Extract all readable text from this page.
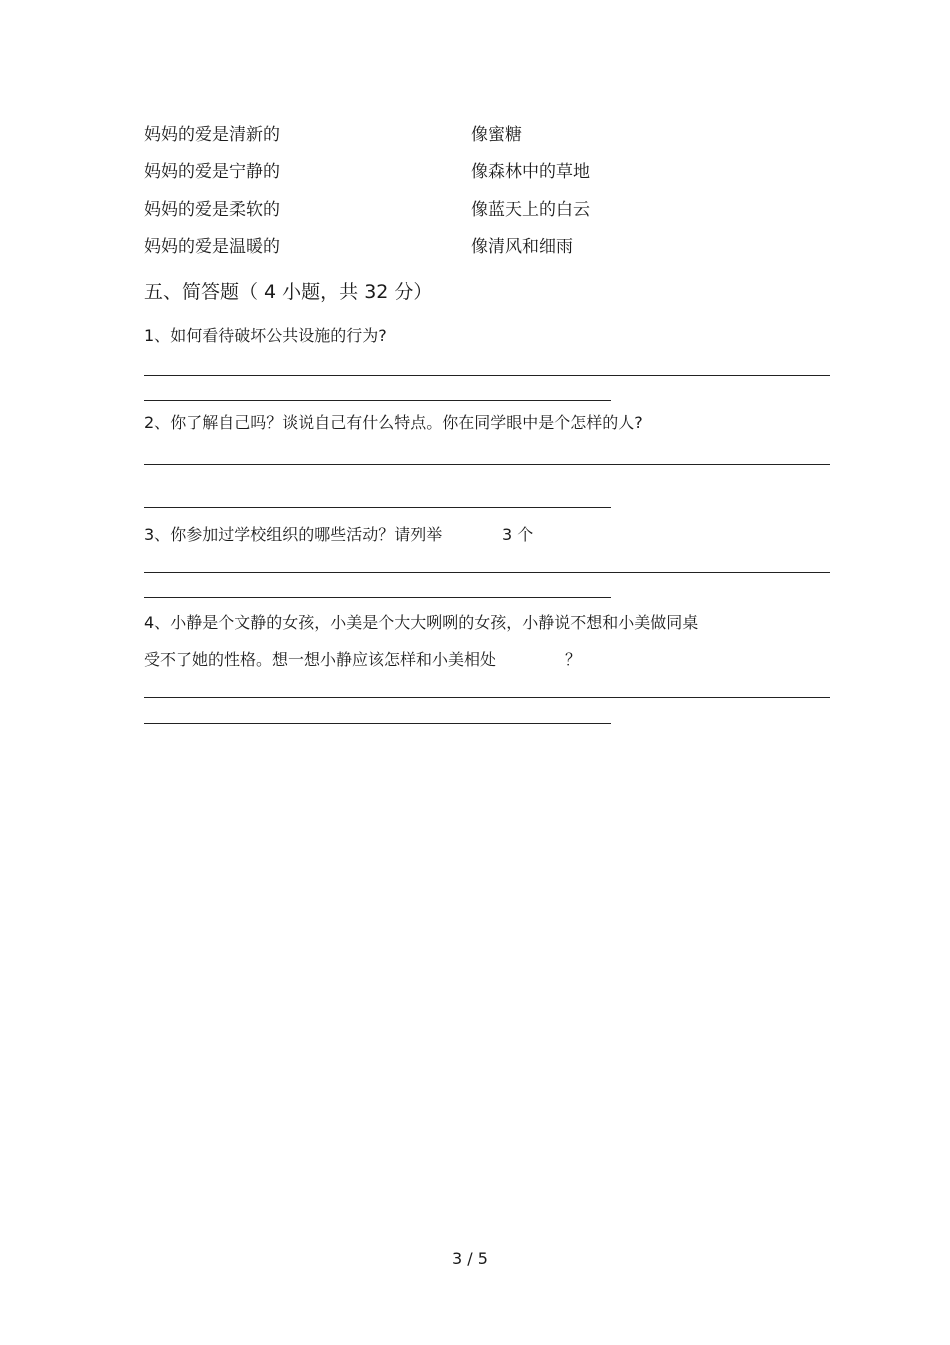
妈妈的爱是清新的	像蜜糖
妈妈的爱是宁静的	像森林中的草地
妈妈的爱是柔软的	像蓝天上的白云
妈妈的爱是温暖的	像清风和细雨
五、简答题（ 4 小题，共 32 分）
1、如何看待破坏公共设施的行为?
2、你了解自己吗？谈说自己有什么特点。你在同学眼中是个怎样的人?
3、你参加过学校组织的哪些活动？请列举	3 个
4、小静是个文静的女孩，小美是个大大咧咧的女孩，小静说不想和小美做同桌
受不了她的性格。想一想小静应该怎样和小美相处	？
3 / 5
